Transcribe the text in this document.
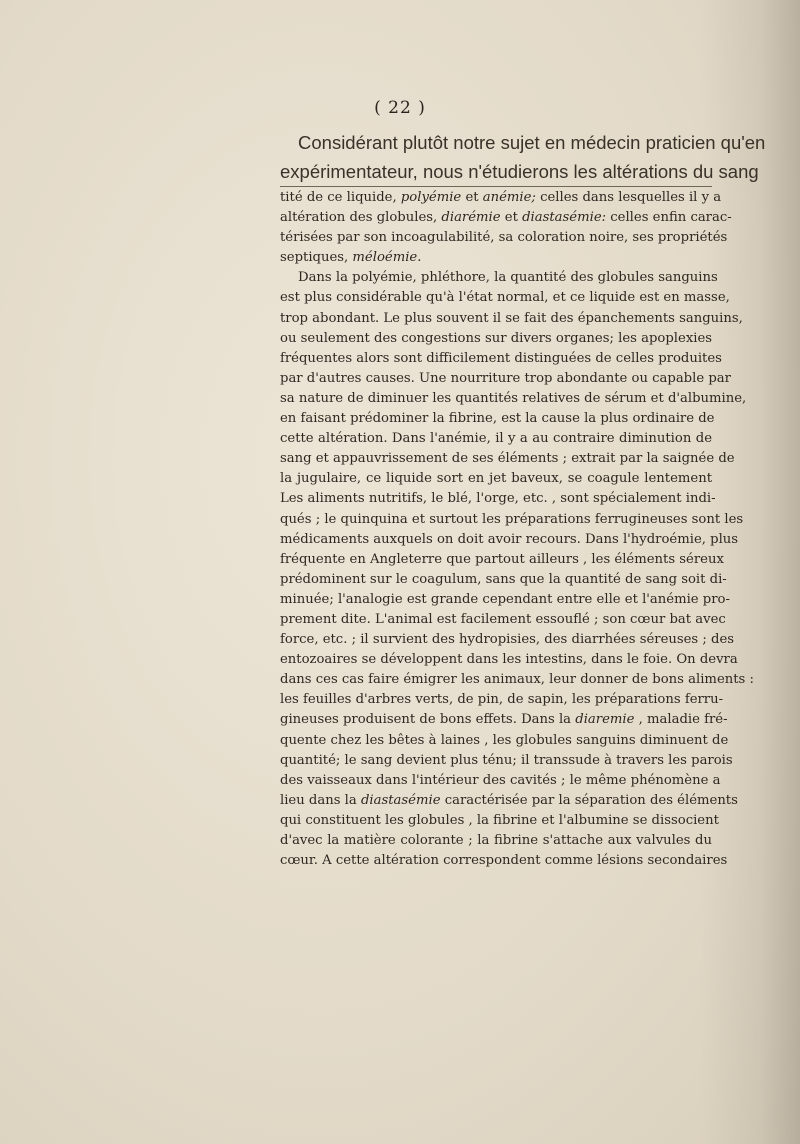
( 22 )
Considérant plutôt notre sujet en médecin praticien qu'en
expérimentateur, nous n'étudierons les altérations du sang
tité de ce liquide, polyémie et anémie; celles dans lesquelles il y a
altération des globules, diarémie et diastasémie: celles enfin carac-
térisées par son incoagulabilité, sa coloration noire, ses propriétés
septiques, méloémie.
Dans la polyémie, phléthore, la quantité des globules sanguins
est plus considérable qu'à l'état normal, et ce liquide est en masse,
trop abondant. Le plus souvent il se fait des épanchements sanguins,
ou seulement des congestions sur divers organes; les apoplexies
fréquentes alors sont difficilement distinguées de celles produites
par d'autres causes. Une nourriture trop abondante ou capable par
sa nature de diminuer les quantités relatives de sérum et d'albumine,
en faisant prédominer la fibrine, est la cause la plus ordinaire de
cette altération. Dans l'anémie, il y a au contraire diminution de
sang et appauvrissement de ses éléments ; extrait par la saignée de
la jugulaire, ce liquide sort en jet baveux, se coagule lentement
Les aliments nutritifs, le blé, l'orge, etc. , sont spécialement indi-
qués ; le quinquina et surtout les préparations ferrugineuses sont les
médicaments auxquels on doit avoir recours. Dans l'hydroémie, plus
fréquente en Angleterre que partout ailleurs , les éléments séreux
prédominent sur le coagulum, sans que la quantité de sang soit di-
minuée; l'analogie est grande cependant entre elle et l'anémie pro-
prement dite. L'animal est facilement essouflé ; son cœur bat avec
force, etc. ; il survient des hydropisies, des diarrhées séreuses ; des
entozoaires se développent dans les intestins, dans le foie. On devra
dans ces cas faire émigrer les animaux, leur donner de bons aliments :
les feuilles d'arbres verts, de pin, de sapin, les préparations ferru-
gineuses produisent de bons effets. Dans la diaremie , maladie fré-
quente chez les bêtes à laines , les globules sanguins diminuent de
quantité; le sang devient plus ténu; il transsude à travers les parois
des vaisseaux dans l'intérieur des cavités ; le même phénomène a
lieu dans la diastasémie caractérisée par la séparation des éléments
qui constituent les globules , la fibrine et l'albumine se dissocient
d'avec la matière colorante ; la fibrine s'attache aux valvules du
cœur. A cette altération correspondent comme lésions secondaires
